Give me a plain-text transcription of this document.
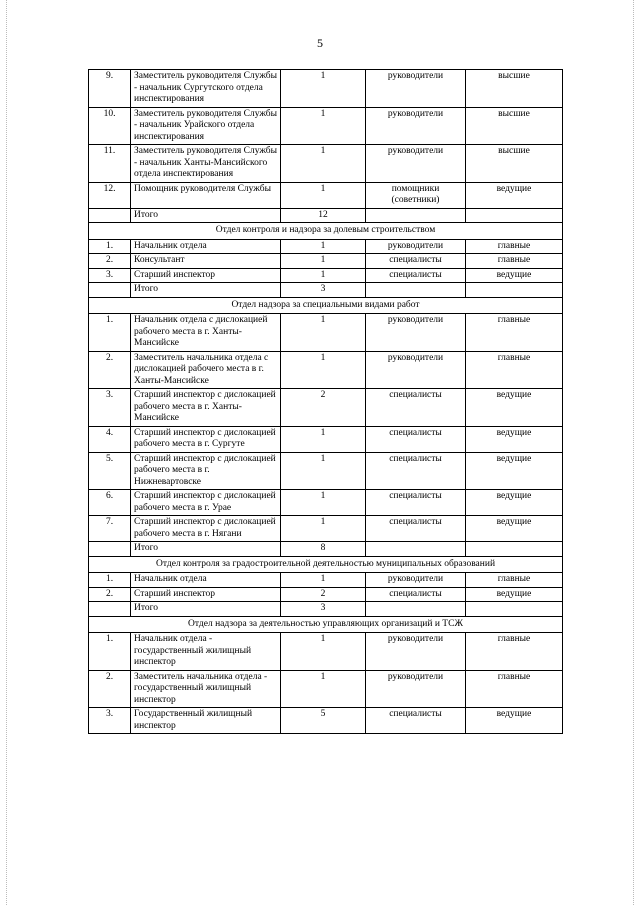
5
9.	Заместитель руководителя Службы - начальник Сургутского отдела инспектирования	1	руководители	высшие
10.	Заместитель руководителя Службы - начальник Урайского отдела инспектирования	1	руководители	высшие
11.	Заместитель руководителя Службы - начальник Ханты-Мансийского отдела инспектирования	1	руководители	высшие
12.	Помощник руководителя Службы	1	помощники (советники)	ведущие
	Итого	12		
Отдел контроля и надзора за долевым строительством				
1.	Начальник отдела	1	руководители	главные
2.	Консультант	1	специалисты	главные
3.	Старший инспектор	1	специалисты	ведущие
	Итого	3		
Отдел надзора за специальными видами работ				
1.	Начальник отдела с дислокацией рабочего места в г. Ханты-Мансийске	1	руководители	главные
2.	Заместитель начальника отдела с дислокацией рабочего места в г. Ханты-Мансийске	1	руководители	главные
3.	Старший инспектор с дислокацией рабочего места в г. Ханты-Мансийске	2	специалисты	ведущие
4.	Старший инспектор с дислокацией рабочего места в г. Сургуте	1	специалисты	ведущие
5.	Старший инспектор с дислокацией рабочего места в г. Нижневартовске	1	специалисты	ведущие
6.	Старший инспектор с дислокацией рабочего места в г. Урае	1	специалисты	ведущие
7.	Старший инспектор с дислокацией рабочего места в г. Нягани	1	специалисты	ведущие
	Итого	8		
Отдел контроля за градостроительной деятельностью муниципальных образований				
1.	Начальник отдела	1	руководители	главные
2.	Старший инспектор	2	специалисты	ведущие
	Итого	3		
Отдел надзора за деятельностью управляющих организаций и ТСЖ				
1.	Начальник отдела - государственный жилищный инспектор	1	руководители	главные
2.	Заместитель начальника отдела - государственный жилищный инспектор	1	руководители	главные
3.	Государственный жилищный инспектор	5	специалисты	ведущие
